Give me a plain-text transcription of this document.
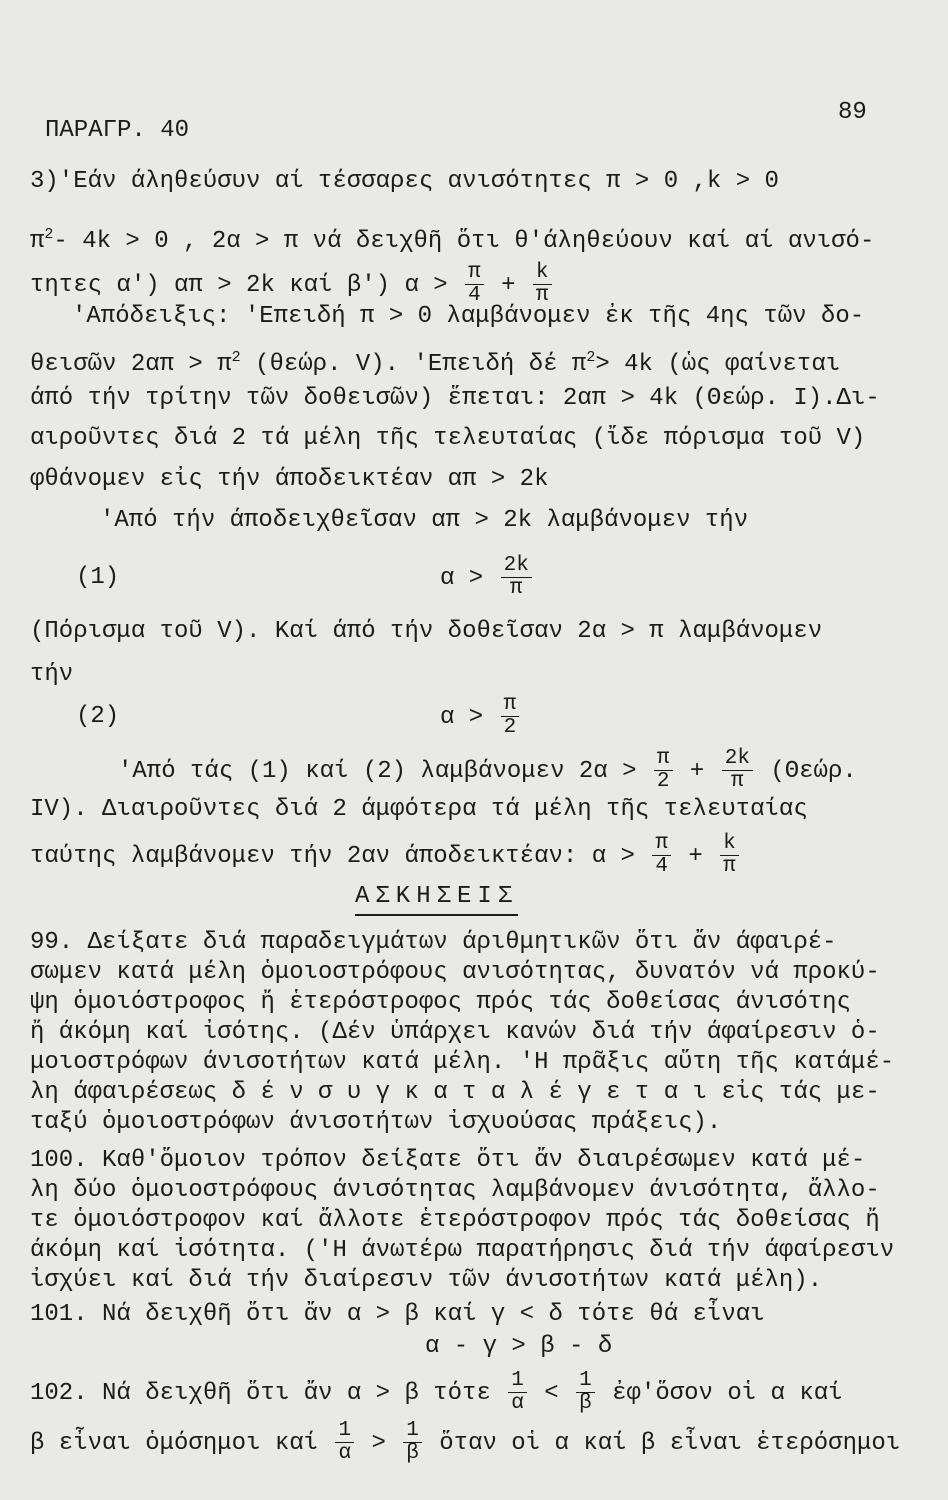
ΠΑΡΑΓΡ. 40
89
3)'Εάν άληθεύσυν αί τέσσαρες ανισότητες π > 0 ,k > 0
$\pi^2-$ 4k > 0 , 2α > π νά δειχθῆ ὅτι θ'άληθεύουν καί αί ανισό-
τητες α') απ > 2k καί β') $\alpha > \frac{\pi}{4} + \frac{k}{\pi}$
'Απόδειξις: 'Επειδή π > 0 λαμβάνομεν ἐκ τῆς 4ης τῶν δο-
θεισῶν $2\alpha\pi > \pi^2$ (θεώρ. V). 'Επειδή δέ $\pi^2> 4k$ (ὡς φαίνεται
άπό τήν τρίτην τῶν δοθεισῶν) ἕπεται: 2απ > 4k (Θεώρ. I).Δι-
αιροῦντες διά 2 τά μέλη τῆς τελευταίας (ἴδε πόρισμα τοῦ V)
φθάνομεν εἰς τήν άποδεικτέαν απ > 2k
'Από τήν άποδειχθεῖσαν απ > 2k λαμβάνομεν τήν
(1)	$\alpha > \frac{2k}{\pi}$
(Πόρισμα τοῦ V). Καί άπό τήν δοθεῖσαν 2α > π λαμβάνομεν
τήν
(2)	$\alpha > \frac{\pi}{2}$
'Από τάς (1) καί (2) λαμβάνομεν $2\alpha > \frac{\pi}{2} + \frac{2k}{\pi} (\Theta\varepsilon ώ\rho$.
IV). Διαιροῦντες διά 2 άμφότερα τά μέλη τῆς τελευταίας
ταύτης λαμβάνομεν τήν 2αν άποδεικτέαν: $\alpha > \frac{\pi}{4} + \frac{k}{\pi}$
ΑΣΚΗΣΕΙΣ
99. Δείξατε διά παραδειγμάτων άριθμητικῶν ὅτι ἄν άφαιρέ-
σωμεν κατά μέλη ὁμοιοστρόφους ανισότητας, δυνατόν νά προκύ-
ψη ὁμοιόστροφος ἤ ἑτερόστροφος πρός τάς δοθείσας άνισότης
ἤ άκόμη καί ἰσότης. (Δέν ὑπάρχει κανών διά τήν άφαίρεσιν ὁ-
μοιοστρόφων άνισοτήτων κατά μέλη. 'Η πρᾶξις αὕτη τῆς κατάμέ-
λη άφαιρέσεως δ έ ν σ υ γ κ α τ α λ έ γ ε τ α ι εἰς τάς με-
ταξύ ὁμοιοστρόφων άνισοτήτων ἰσχυούσας πράξεις).
100. Καθ'ὅμοιον τρόπον δείξατε ὅτι ἄν διαιρέσωμεν κατά μέ-
λη δύο ὁμοιοστρόφους άνισότητας λαμβάνομεν άνισότητα, ἄλλο-
τε ὁμοιόστροφον καί ἄλλοτε ἑτερόστροφον πρός τάς δοθείσας ἤ
άκόμη καί ἰσότητα. ('Η άνωτέρω παρατήρησις διά τήν άφαίρεσιν
ἰσχύει καί διά τήν διαίρεσιν τῶν άνισοτήτων κατά μέλη).
101. Νά δειχθῆ ὅτι ἄν α > β καί γ < δ τότε θά εἶναι
α - γ > β - δ
102. Νά δειχθῆ ὅτι ἄν α > β τότε $\frac{1}{\alpha} < \frac{1}{\beta}$ ἐφ'ὅσον οἱ α καί
β εἶναι ὁμόσημοι καί $\frac{1}{\alpha} > \frac{1}{\beta}$ ὅταν οἱ α καί β εἶναι ἑτερόσημοι
